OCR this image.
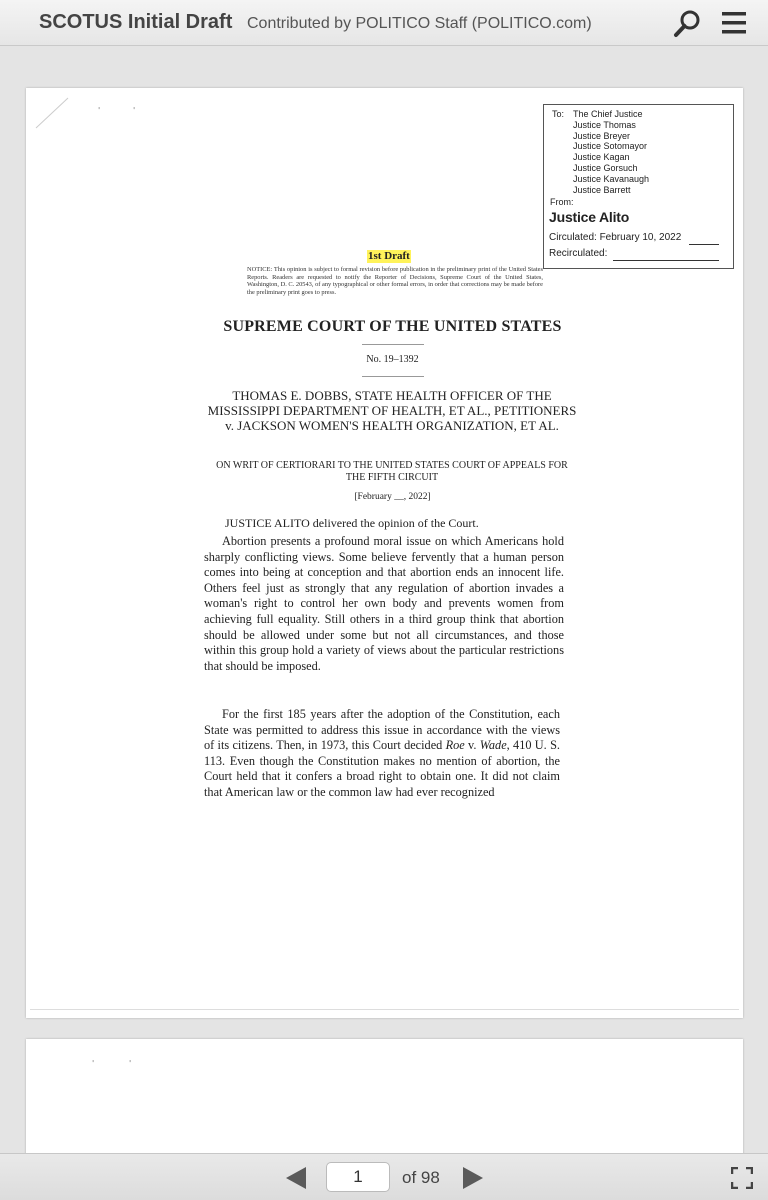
SCOTUS Initial Draft Contributed by POLITICO Staff (POLITICO.com)
'	'	To: The Chief Justice
Justice Thomas
Justice Breyer
Justice Sotomayor
Justice Kagan
Justice Gorsuch
Justice Kavanaugh
Justice Barrett
From:
Justice Alito
Circulated: February 10, 2022
Recirculated:
1st Draft
NOTICE: This opinion is subject to formal revision before publication in the preliminary print of the United States Reports. Readers are requested to notify the Reporter of Decisions, Supreme Court of the United States, Washington, D. C. 20543, of any typographical or other formal errors, in order that corrections may be made before the preliminary print goes to press.
SUPREME COURT OF THE UNITED STATES
No. 19–1392
THOMAS E. DOBBS, STATE HEALTH OFFICER OF THE MISSISSIPPI DEPARTMENT OF HEALTH, ET AL., PETITIONERS v. JACKSON WOMEN'S HEALTH ORGANIZATION, ET AL.
ON WRIT OF CERTIORARI TO THE UNITED STATES COURT OF APPEALS FOR THE FIFTH CIRCUIT
[February __, 2022]
JUSTICE ALITO delivered the opinion of the Court.
Abortion presents a profound moral issue on which Americans hold sharply conflicting views. Some believe fervently that a human person comes into being at conception and that abortion ends an innocent life. Others feel just as strongly that any regulation of abortion invades a woman's right to control her own body and prevents women from achieving full equality. Still others in a third group think that abortion should be allowed under some but not all circumstances, and those within this group hold a variety of views about the particular restrictions that should be imposed.
For the first 185 years after the adoption of the Constitution, each State was permitted to address this issue in accordance with the views of its citizens. Then, in 1973, this Court decided Roe v. Wade, 410 U. S. 113. Even though the Constitution makes no mention of abortion, the Court held that it confers a broad right to obtain one. It did not claim that American law or the common law had ever recognized
'	'
1
of 98
